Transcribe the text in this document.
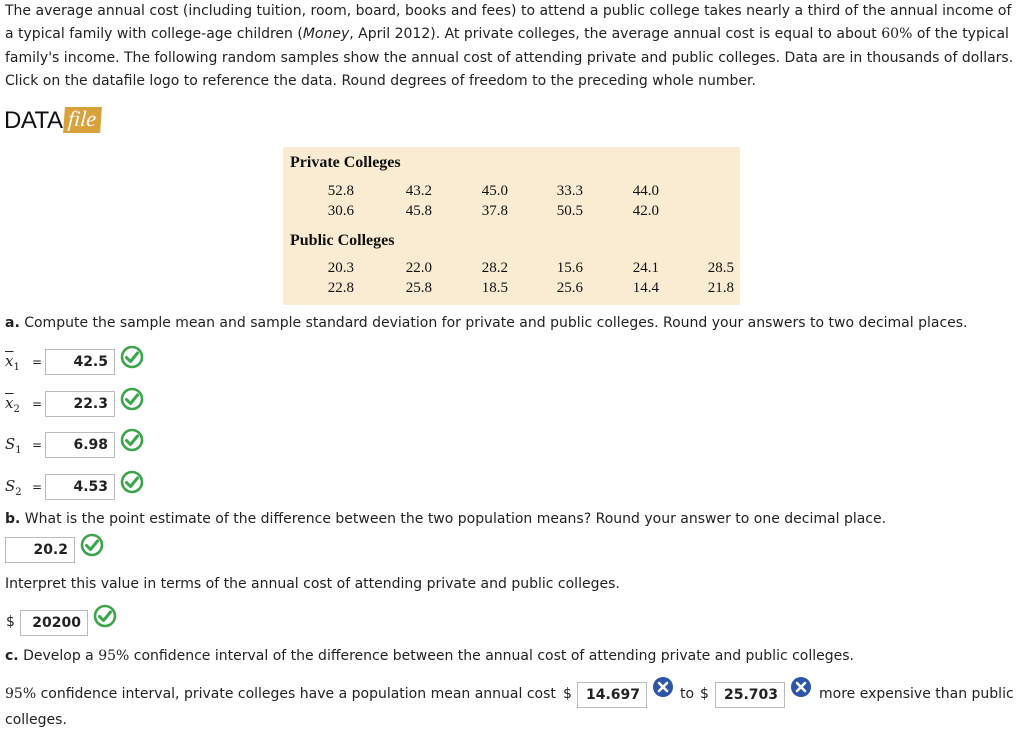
The average annual cost (including tuition, room, board, books and fees) to attend a public college takes nearly a third of the annual income of a typical family with college-age children (Money, April 2012). At private colleges, the average annual cost is equal to about 60% of the typical family's income. The following random samples show the annual cost of attending private and public colleges. Data are in thousands of dollars. Click on the datafile logo to reference the data. Round degrees of freedom to the preceding whole number.

DATA file
Private Colleges
52.8	43.2	45.0	33.3	44.0
30.6	45.8	37.8	50.5	42.0
Public Colleges
20.3	22.0	28.2	15.6	24.1	28.5
22.8	25.8	18.5	25.6	14.4	21.8

a. Compute the sample mean and sample standard deviation for private and public colleges. Round your answers to two decimal places.

$\overline{x}_1$ =	42.5
$\overline{x}_2$ =	22.3
$S_1$ =	6.98
$S_2$ =	4.53

b. What is the point estimate of the difference between the two population means? Round your answer to one decimal place.

20.2

Interpret this value in terms of the annual cost of attending private and public colleges.

$	20200

c. Develop a 95% confidence interval of the difference between the annual cost of attending private and public colleges.

95% confidence interval, private colleges have a population mean annual cost $	14.697	to $	25.703	more expensive than public
colleges.
